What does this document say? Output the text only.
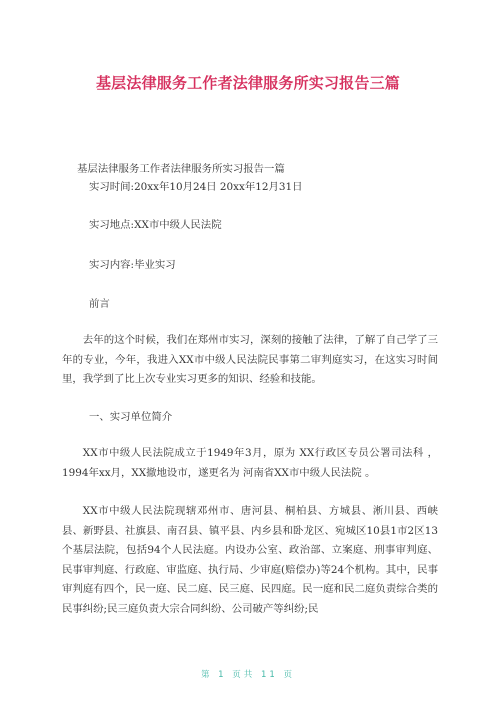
基层法律服务工作者法律服务所实习报告三篇
基层法律服务工作者法律服务所实习报告一篇
实习时间:20xx年10月24日 20xx年12月31日
实习地点:XX市中级人民法院
实习内容:毕业实习
前言
去年的这个时候，我们在郑州市实习，深刻的接触了法律，了解了自己学了三年的专业，今年，我进入XX市中级人民法院民事第二审判庭实习，在这实习时间里，我学到了比上次专业实习更多的知识、经验和技能。
一、实习单位简介
XX市中级人民法院成立于1949年3月，原为 XX行政区专员公署司法科 ，1994年xx月，XX撤地设市，遂更名为 河南省XX市中级人民法院 。
XX市中级人民法院现辖邓州市、唐河县、桐柏县、方城县、淅川县、西峡县、新野县、社旗县、南召县、镇平县、内乡县和卧龙区、宛城区10县1市2区13个基层法院，包括94个人民法庭。内设办公室、政治部、立案庭、刑事审判庭、民事审判庭、行政庭、审监庭、执行局、少审庭(赔偿办)等24个机构。其中，民事审判庭有四个，民一庭、民二庭、民三庭、民四庭。民一庭和民二庭负责综合类的民事纠纷;民三庭负责大宗合同纠纷、公司破产等纠纷;民
第 1 页共 11 页
